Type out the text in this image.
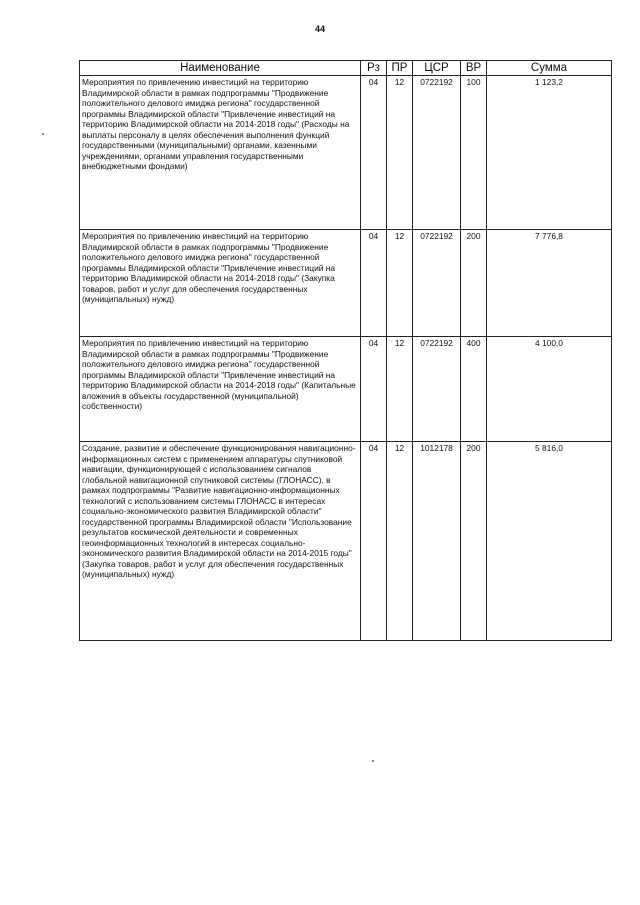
44
Наименование	Рз	ПР	ЦСР	ВР	Сумма
Мероприятия по привлечению инвестиций на территорию Владимирской области в рамках подпрограммы "Продвижение положительного делового имиджа региона" государственной программы Владимирской области "Привлечение инвестиций на территорию Владимирской области на 2014-2018 годы" (Расходы на выплаты персоналу в целях обеспечения выполнения функций государственными (муниципальными) органами, казенными учреждениями, органами управления государственными внебюджетными фондами)	04	12	0722192	100	1 123,2
Мероприятия по привлечению инвестиций на территорию Владимирской области в рамках подпрограммы "Продвижение положительного делового имиджа региона" государственной программы Владимирской области "Привлечение инвестиций на территорию Владимирской области на 2014-2018 годы" (Закупка товаров, работ и услуг для обеспечения государственных (муниципальных) нужд)	04	12	0722192	200	7 776,8
Мероприятия по привлечению инвестиций на территорию Владимирской области в рамках подпрограммы "Продвижение положительного делового имиджа региона" государственной программы Владимирской области "Привлечение инвестиций на территорию Владимирской области на 2014-2018 годы" (Капитальные вложения в объекты государственной (муниципальной) собственности)	04	12	0722192	400	4 100,0
Создание, развитие и обеспечение функционирования навигационно-информационных систем с применением аппаратуры спутниковой навигации, функционирующей с использованием сигналов глобальной навигационной спутниковой системы (ГЛОНАСС), в рамках подпрограммы "Развитие навигационно-информационных технологий с использованием системы ГЛОНАСС в интересах социально-экономического развития Владимирской области" государственной программы Владимирской области "Использование результатов космической деятельности и современных геоинформационных технологий в интересах социально-экономического развития Владимирской области на 2014-2015 годы" (Закупка товаров, работ и услуг для обеспечения государственных (муниципальных) нужд)	04	12	1012178	200	5 816,0
